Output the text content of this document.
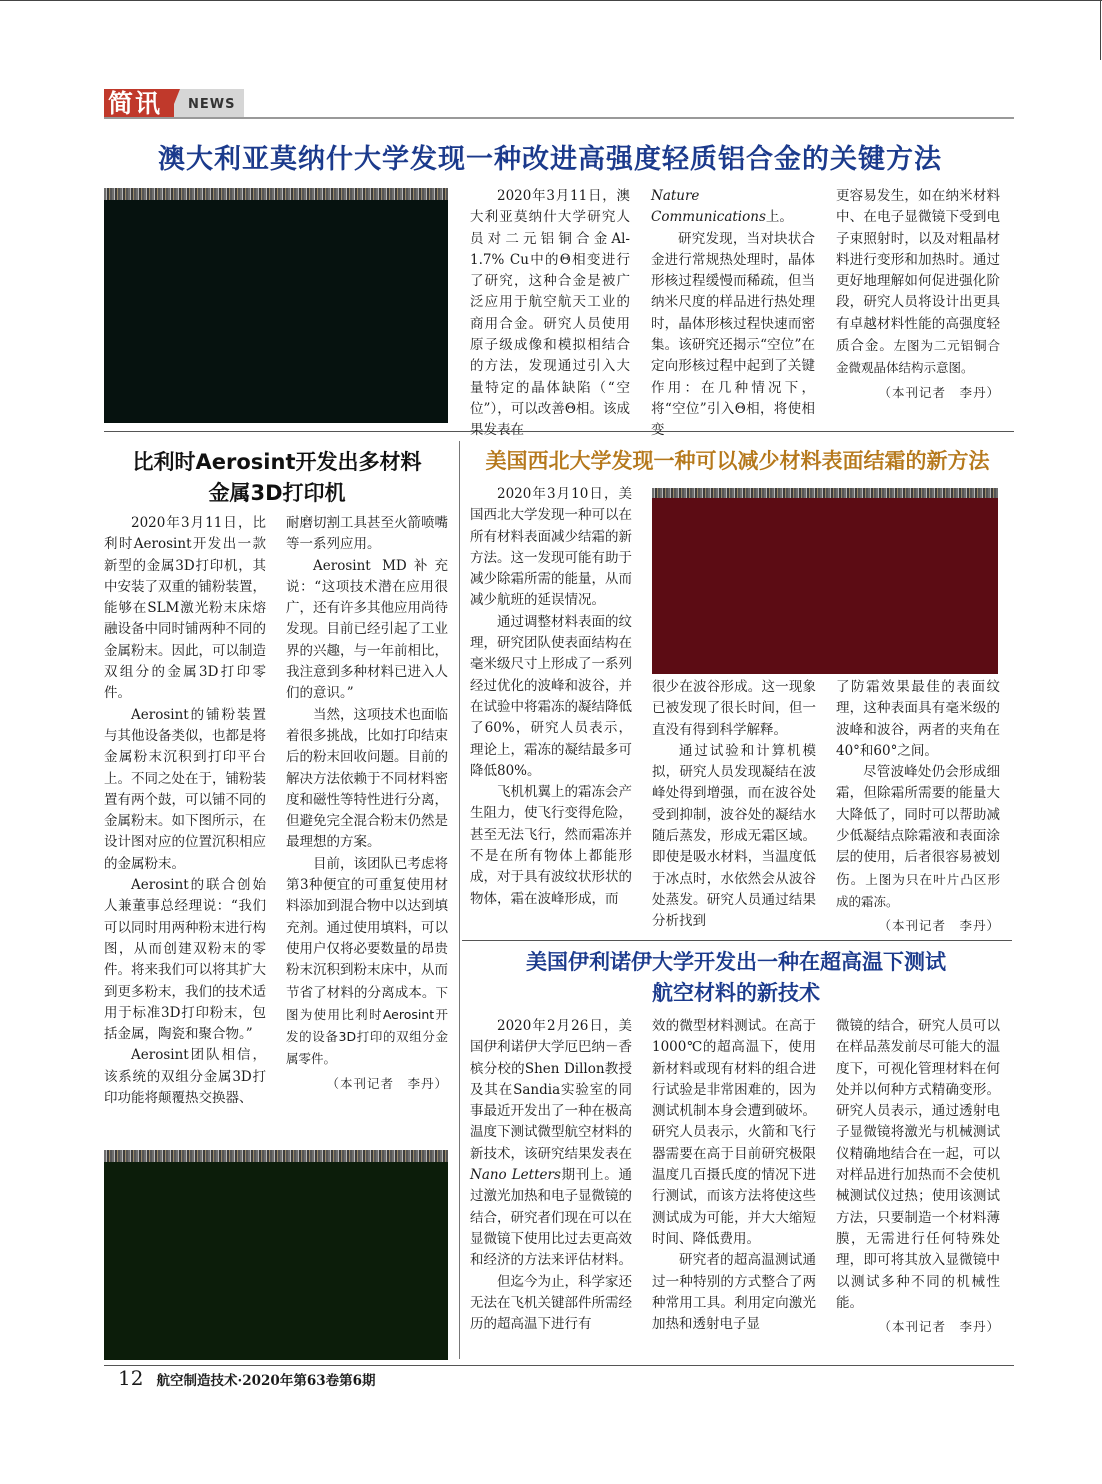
简讯 NEWS
澳大利亚莫纳什大学发现一种改进高强度轻质铝合金的关键方法

2020年3月11日，澳大利亚莫纳什大学研究人员对二元铝铜合金Al-1.7% Cu中的Θ相变进行了研究，这种合金是被广泛应用于航空航天工业的商用合金。研究人员使用原子级成像和模拟相结合的方法，发现通过引入大量特定的晶体缺陷（“空位”），可以改善Θ相。该成果发表在

Nature Communications上。

研究发现，当对块状合金进行常规热处理时，晶体形核过程缓慢而稀疏，但当纳米尺度的样品进行热处理时，晶体形核过程快速而密集。该研究还揭示“空位”在定向形核过程中起到了关键作用：在几种情况下，将“空位”引入Θ相，将使相变

更容易发生，如在纳米材料中、在电子显微镜下受到电子束照射时，以及对粗晶材料进行变形和加热时。通过更好地理解如何促进强化阶段，研究人员将设计出更具有卓越材料性能的高强度轻质合金。左图为二元铝铜合金微观晶体结构示意图。

（本刊记者　李丹）
比利时Aerosint开发出多材料
金属3D打印机

2020年3月11日，比利时Aerosint开发出一款新型的金属3D打印机，其中安装了双重的铺粉装置，能够在SLM激光粉末床熔融设备中同时铺两种不同的金属粉末。因此，可以制造双组分的金属3D打印零件。

Aerosint的铺粉装置与其他设备类似，也都是将金属粉末沉积到打印平台上。不同之处在于，铺粉装置有两个鼓，可以铺不同的金属粉末。如下图所示，在设计图对应的位置沉积相应的金属粉末。

Aerosint的联合创始人兼董事总经理说：“我们可以同时用两种粉末进行构图，从而创建双粉末的零件。将来我们可以将其扩大到更多粉末，我们的技术适用于标准3D打印粉末，包括金属，陶瓷和聚合物。”

Aerosint团队相信，该系统的双组分金属3D打印功能将颠覆热交换器、

耐磨切割工具甚至火箭喷嘴等一系列应用。

Aerosint MD补充说：“这项技术潜在应用很广，还有许多其他应用尚待发现。目前已经引起了工业界的兴趣，与一年前相比，我注意到多种材料已进入人们的意识。”

当然，这项技术也面临着很多挑战，比如打印结束后的粉末回收问题。目前的解决方法依赖于不同材料密度和磁性等特性进行分离，但避免完全混合粉末仍然是最理想的方案。

目前，该团队已考虑将第3种便宜的可重复使用材料添加到混合物中以达到填充剂。通过使用填料，可以使用户仅将必要数量的昂贵粉末沉积到粉末床中，从而节省了材料的分离成本。下图为使用比利时Aerosint开发的设备3D打印的双组分金属零件。

（本刊记者　李丹）
美国西北大学发现一种可以减少材料表面结霜的新方法

2020年3月10日，美国西北大学发现一种可以在所有材料表面减少结霜的新方法。这一发现可能有助于减少除霜所需的能量，从而减少航班的延误情况。

通过调整材料表面的纹理，研究团队使表面结构在毫米级尺寸上形成了一系列经过优化的波峰和波谷，并在试验中将霜冻的凝结降低了60%，研究人员表示，理论上，霜冻的凝结最多可降低80%。

飞机机翼上的霜冻会产生阻力，使飞行变得危险，甚至无法飞行，然而霜冻并不是在所有物体上都能形成，对于具有波纹状形状的物体，霜在波峰形成，而

很少在波谷形成。这一现象已被发现了很长时间，但一直没有得到科学解释。

通过试验和计算机模拟，研究人员发现凝结在波峰处得到增强，而在波谷处受到抑制，波谷处的凝结水随后蒸发，形成无霜区域。即使是吸水材料，当温度低于冰点时，水依然会从波谷处蒸发。研究人员通过结果分析找到

了防霜效果最佳的表面纹理，这种表面具有毫米级的波峰和波谷，两者的夹角在40°和60°之间。

尽管波峰处仍会形成细霜，但除霜所需要的能量大大降低了，同时可以帮助减少低凝结点除霜液和表面涂层的使用，后者很容易被划伤。上图为只在叶片凸区形成的霜冻。

（本刊记者　李丹）
美国伊利诺伊大学开发出一种在超高温下测试
航空材料的新技术

2020年2月26日，美国伊利诺伊大学厄巴纳－香槟分校的Shen Dillon教授及其在Sandia实验室的同事最近开发出了一种在极高温度下测试微型航空材料的新技术，该研究结果发表在Nano Letters期刊上。通过激光加热和电子显微镜的结合，研究者们现在可以在显微镜下使用比过去更高效和经济的方法来评估材料。

但迄今为止，科学家还无法在飞机关键部件所需经历的超高温下进行有

效的微型材料测试。在高于1000℃的超高温下，使用新材料或现有材料的组合进行试验是非常困难的，因为测试机制本身会遭到破坏。研究人员表示，火箭和飞行器需要在高于目前研究极限温度几百摄氏度的情况下进行测试，而该方法将使这些测试成为可能，并大大缩短时间、降低费用。

研究者的超高温测试通过一种特别的方式整合了两种常用工具。利用定向激光加热和透射电子显

微镜的结合，研究人员可以在样品蒸发前尽可能大的温度下，可视化管理材料在何处并以何种方式精确变形。研究人员表示，通过透射电子显微镜将激光与机械测试仪精确地结合在一起，可以对样品进行加热而不会使机械测试仪过热；使用该测试方法，只要制造一个材料薄膜，无需进行任何特殊处理，即可将其放入显微镜中以测试多种不同的机械性能。

（本刊记者　李丹）
12 航空制造技术·2020年第63卷第6期
